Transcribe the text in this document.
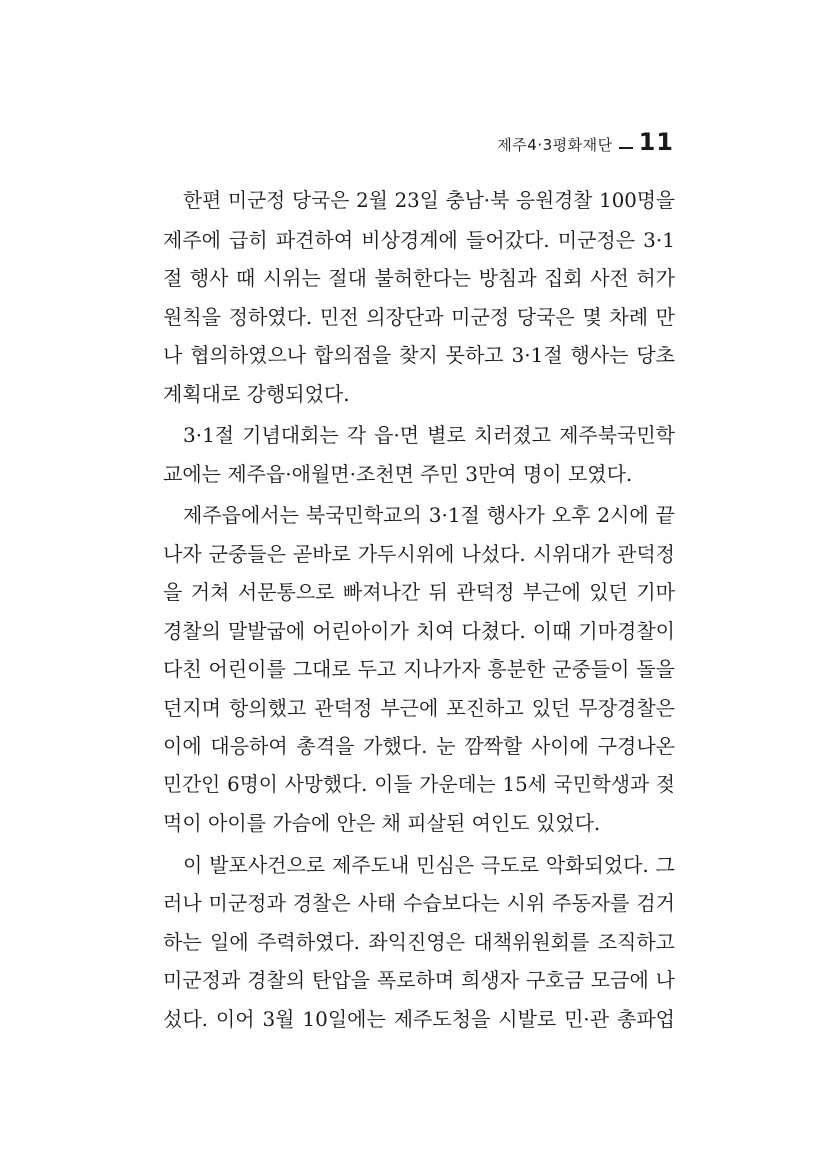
제주4·3평화재단 11
한편 미군정 당국은 2월 23일 충남·북 응원경찰 100명을
제주에 급히 파견하여 비상경계에 들어갔다. 미군정은 3·1
절 행사 때 시위는 절대 불허한다는 방침과 집회 사전 허가
원칙을 정하였다. 민전 의장단과 미군정 당국은 몇 차례 만
나 협의하였으나 합의점을 찾지 못하고 3·1절 행사는 당초
계획대로 강행되었다.
3·1절 기념대회는 각 읍·면 별로 치러졌고 제주북국민학
교에는 제주읍·애월면·조천면 주민 3만여 명이 모였다.
제주읍에서는 북국민학교의 3·1절 행사가 오후 2시에 끝
나자 군중들은 곧바로 가두시위에 나섰다. 시위대가 관덕정
을 거쳐 서문통으로 빠져나간 뒤 관덕정 부근에 있던 기마
경찰의 말발굽에 어린아이가 치여 다쳤다. 이때 기마경찰이
다친 어린이를 그대로 두고 지나가자 흥분한 군중들이 돌을
던지며 항의했고 관덕정 부근에 포진하고 있던 무장경찰은
이에 대응하여 총격을 가했다. 눈 깜짝할 사이에 구경나온
민간인 6명이 사망했다. 이들 가운데는 15세 국민학생과 젖
먹이 아이를 가슴에 안은 채 피살된 여인도 있었다.
이 발포사건으로 제주도내 민심은 극도로 악화되었다. 그
러나 미군정과 경찰은 사태 수습보다는 시위 주동자를 검거
하는 일에 주력하였다. 좌익진영은 대책위원회를 조직하고
미군정과 경찰의 탄압을 폭로하며 희생자 구호금 모금에 나
섰다. 이어 3월 10일에는 제주도청을 시발로 민·관 총파업
